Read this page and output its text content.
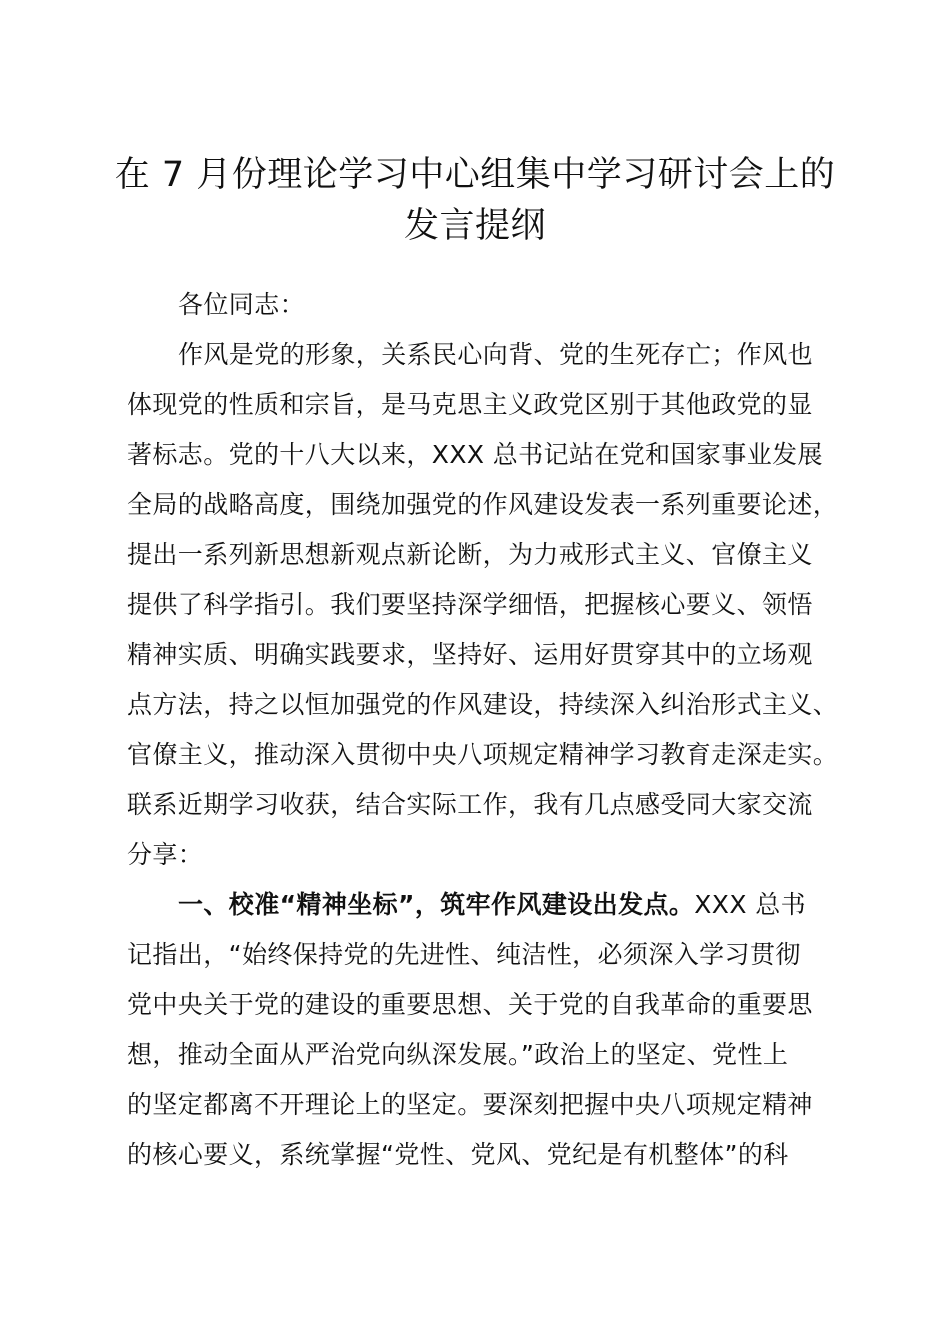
在 7 月份理论学习中心组集中学习研讨会上的
发言提纲
各位同志：
作风是党的形象，关系民心向背、党的生死存亡；作风也
体现党的性质和宗旨，是马克思主义政党区别于其他政党的显
著标志。党的十八大以来，XXX 总书记站在党和国家事业发展
全局的战略高度，围绕加强党的作风建设发表一系列重要论述，
提出一系列新思想新观点新论断，为力戒形式主义、官僚主义
提供了科学指引。我们要坚持深学细悟，把握核心要义、领悟
精神实质、明确实践要求，坚持好、运用好贯穿其中的立场观
点方法，持之以恒加强党的作风建设，持续深入纠治形式主义、
官僚主义，推动深入贯彻中央八项规定精神学习教育走深走实。
联系近期学习收获，结合实际工作，我有几点感受同大家交流
分享：
一、校准“精神坐标”，筑牢作风建设出发点。XXX 总书
记指出，“始终保持党的先进性、纯洁性，必须深入学习贯彻
党中央关于党的建设的重要思想、关于党的自我革命的重要思
想，推动全面从严治党向纵深发展。”政治上的坚定、党性上
的坚定都离不开理论上的坚定。要深刻把握中央八项规定精神
的核心要义，系统掌握“党性、党风、党纪是有机整体”的科
